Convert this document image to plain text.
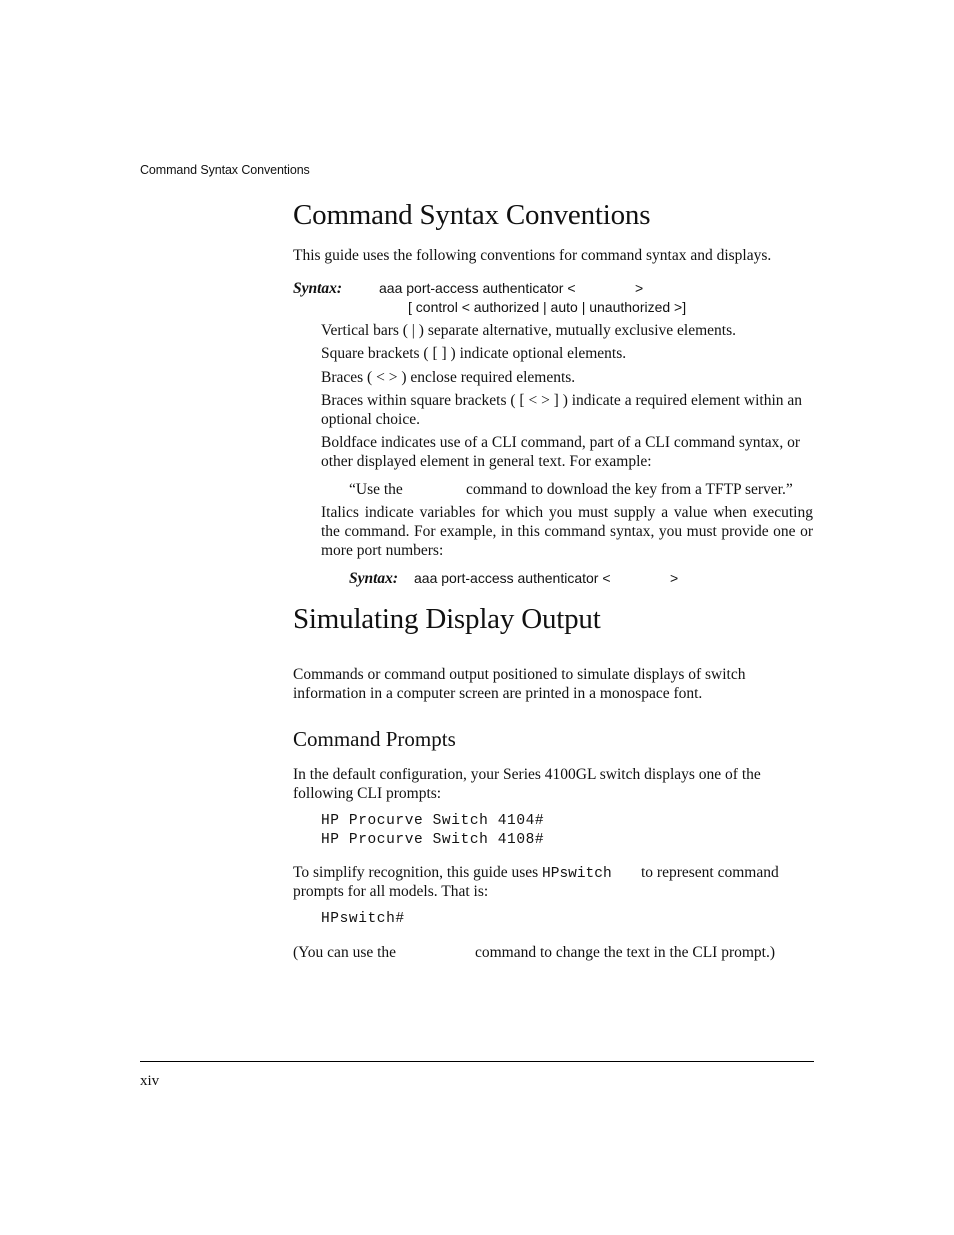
Command Syntax Conventions
Command Syntax Conventions
This guide uses the following conventions for command syntax and displays.
Syntax:	aaa port-access authenticator <	>
[ control < authorized | auto | unauthorized >]
Vertical bars ( | ) separate alternative, mutually exclusive elements.
Square brackets ( [ ] ) indicate optional elements.
Braces ( < > ) enclose required elements.
Braces within square brackets ( [ < > ] ) indicate a required element within an optional choice.
Boldface indicates use of a CLI command, part of a CLI command syntax, or other displayed element in general text. For example:
“Use the	command to download the key from a TFTP server.”
Italics indicate variables for which you must supply a value when executing the command. For example, in this command syntax, you must provide one or more port numbers:
Syntax: aaa port-access authenticator <	>
Simulating Display Output
Commands or command output positioned to simulate displays of switch information in a computer screen are printed in a monospace font.
Command Prompts
In the default configuration, your Series 4100GL switch displays one of the following CLI prompts:
HP Procurve Switch 4104#
HP Procurve Switch 4108#
To simplify recognition, this guide uses HPswitch	to represent command prompts for all models. That is:
HPswitch#
(You can use the	command to change the text in the CLI prompt.)
xiv
